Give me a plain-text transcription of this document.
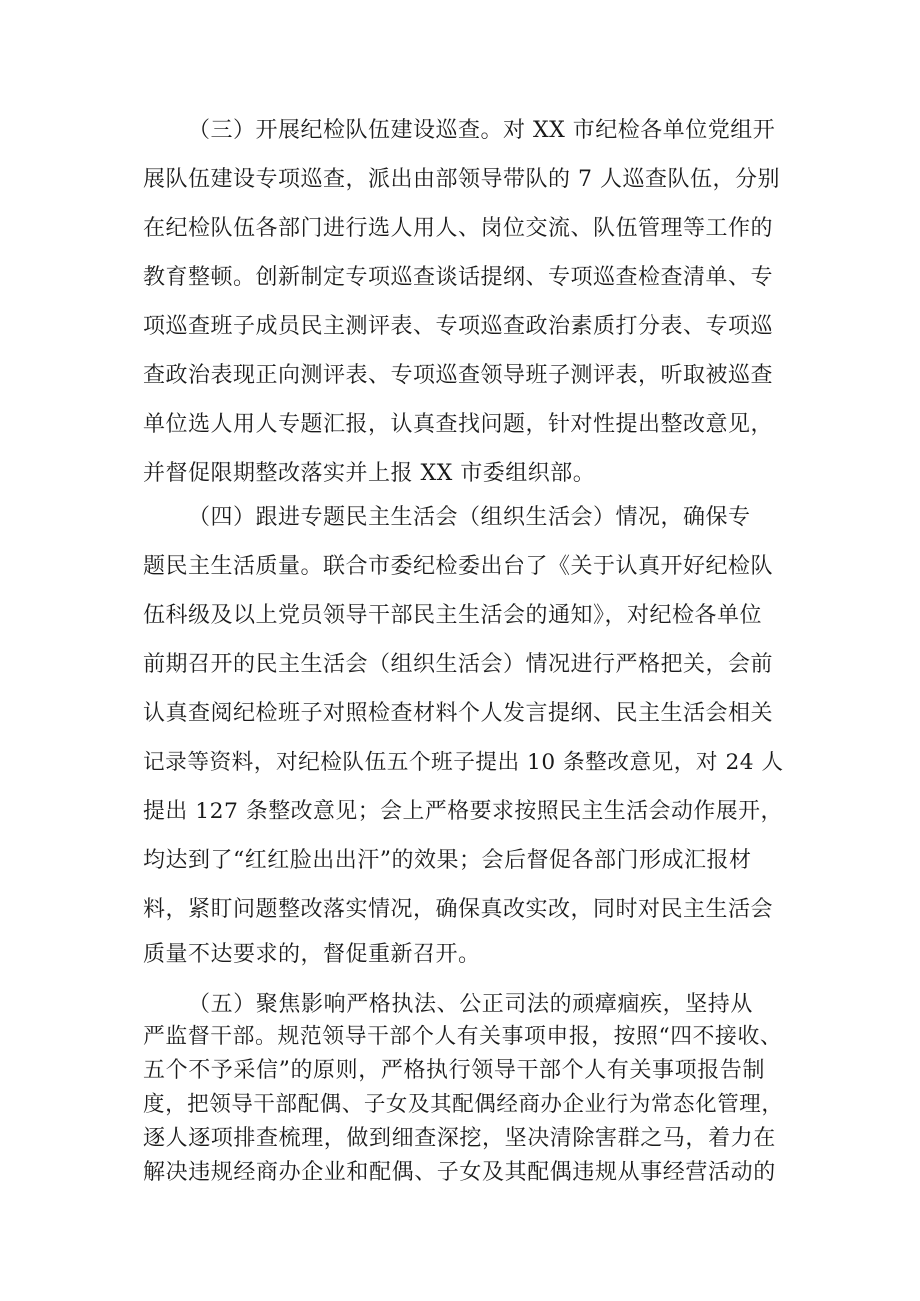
（三）开展纪检队伍建设巡查。对 XX 市纪检各单位党组开
展队伍建设专项巡查，派出由部领导带队的 7 人巡查队伍，分别
在纪检队伍各部门进行选人用人、岗位交流、队伍管理等工作的
教育整顿。创新制定专项巡查谈话提纲、专项巡查检查清单、专
项巡查班子成员民主测评表、专项巡查政治素质打分表、专项巡
查政治表现正向测评表、专项巡查领导班子测评表，听取被巡查
单位选人用人专题汇报，认真查找问题，针对性提出整改意见，
并督促限期整改落实并上报 XX 市委组织部。
（四）跟进专题民主生活会（组织生活会）情况，确保专
题民主生活质量。联合市委纪检委出台了《关于认真开好纪检队
伍科级及以上党员领导干部民主生活会的通知》，对纪检各单位
前期召开的民主生活会（组织生活会）情况进行严格把关，会前
认真查阅纪检班子对照检查材料个人发言提纲、民主生活会相关
记录等资料，对纪检队伍五个班子提出 10 条整改意见，对 24 人
提出 127 条整改意见；会上严格要求按照民主生活会动作展开，
均达到了“红红脸出出汗”的效果；会后督促各部门形成汇报材
料，紧盯问题整改落实情况，确保真改实改，同时对民主生活会
质量不达要求的，督促重新召开。
（五）聚焦影响严格执法、公正司法的顽瘴痼疾，坚持从
严监督干部。规范领导干部个人有关事项申报，按照“四不接收、
五个不予采信”的原则，严格执行领导干部个人有关事项报告制
度，把领导干部配偶、子女及其配偶经商办企业行为常态化管理，
逐人逐项排查梳理，做到细查深挖，坚决清除害群之马，着力在
解决违规经商办企业和配偶、子女及其配偶违规从事经营活动的
